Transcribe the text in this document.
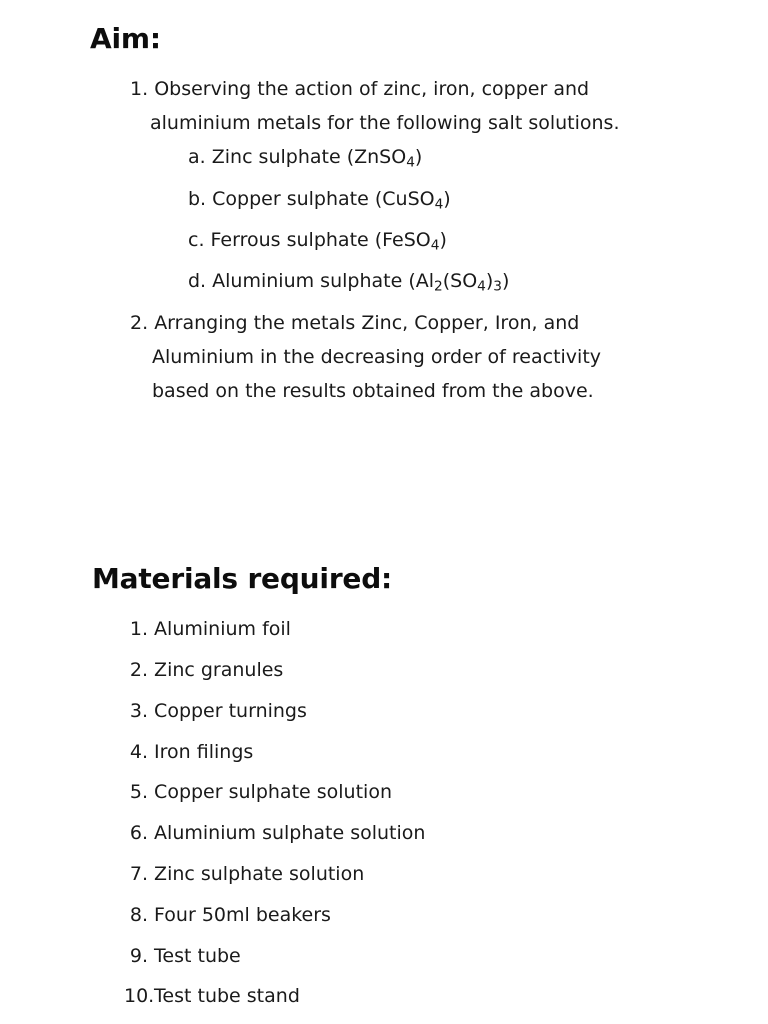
Aim:

1. Observing the action of zinc, iron, copper and

aluminium metals for the following salt solutions.

a. Zinc sulphate (ZnSO$_4$)

b. Copper sulphate (CuSO$_4$)

c. Ferrous sulphate (FeSO$_4$)

d. Aluminium sulphate $(Al_2(SO_4)_3)$

2. Arranging the metals Zinc, Copper, Iron, and

Aluminium in the decreasing order of reactivity

based on the results obtained from the above.

Materials required:

1. Aluminium foil

2. Zinc granules

3. Copper turnings

4. Iron filings

5. Copper sulphate solution

6. Aluminium sulphate solution

7. Zinc sulphate solution

8. Four 50ml beakers

9. Test tube

10. Test tube stand
